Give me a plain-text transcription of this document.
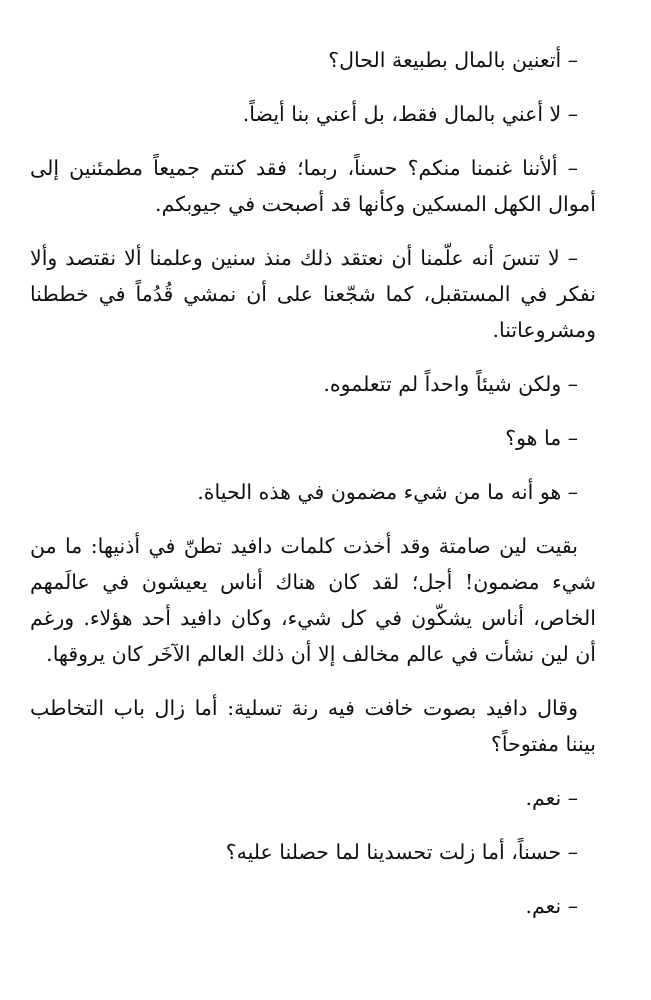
– أتعنين بالمال بطبيعة الحال؟

– لا أعني بالمال فقط، بل أعني بنا أيضاً.

– ألأننا غنمنا منكم؟ حسناً، ربما؛ فقد كنتم جميعاً مطمئنين إلى أموال الكهل المسكين وكأنها قد أصبحت في جيوبكم.

– لا تنسَ أنه علّمنا أن نعتقد ذلك منذ سنين وعلمنا ألا نقتصد وألا نفكر في المستقبل، كما شجّعنا على أن نمشي قُدُماً في خططنا ومشروعاتنا.

– ولكن شيئاً واحداً لم تتعلموه.

– ما هو؟

– هو أنه ما من شيء مضمون في هذه الحياة.

بقيت لين صامتة وقد أخذت كلمات دافيد تطنّ في أذنيها: ما من شيء مضمون! أجل؛ لقد كان هناك أناس يعيشون في عالَمهم الخاص، أناس يشكّون في كل شيء، وكان دافيد أحد هؤلاء. ورغم أن لين نشأت في عالم مخالف إلا أن ذلك العالم الآخَر كان يروقها.

وقال دافيد بصوت خافت فيه رنة تسلية: أما زال باب التخاطب بيننا مفتوحاً؟

– نعم.

– حسناً، أما زلت تحسدينا لما حصلنا عليه؟

– نعم.
